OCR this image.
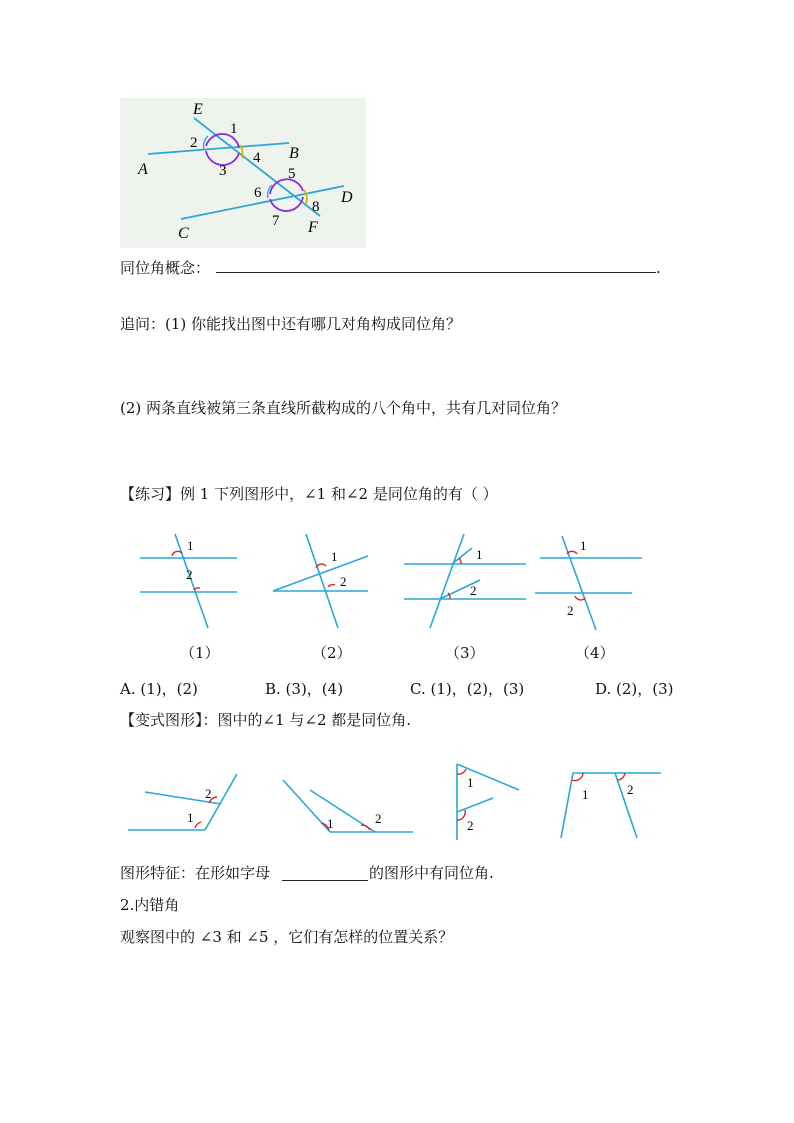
E
A
B
C
D
F
1
2
3
4
5
6
7
8
同位角概念：	.
追问：(1) 你能找出图中还有哪几对角构成同位角？
(2) 两条直线被第三条直线所截构成的八个角中，共有几对同位角？
【练习】例 1 下列图形中，∠1 和∠2 是同位角的有（ ）
1
2
1
2
1
2
1
2
（1）	（2）	（3）	（4）
A. (1)，(2)	B. (3)，(4)	C. (1)，(2)，(3)	D. (2)，(3)
【变式图形】：图中的∠1 与∠2 都是同位角.
1
2
1	2
1
2
1	2
图形特征：在形如字母	的图形中有同位角.
2.内错角
观察图中的 ∠3 和 ∠5 ，它们有怎样的位置关系？
